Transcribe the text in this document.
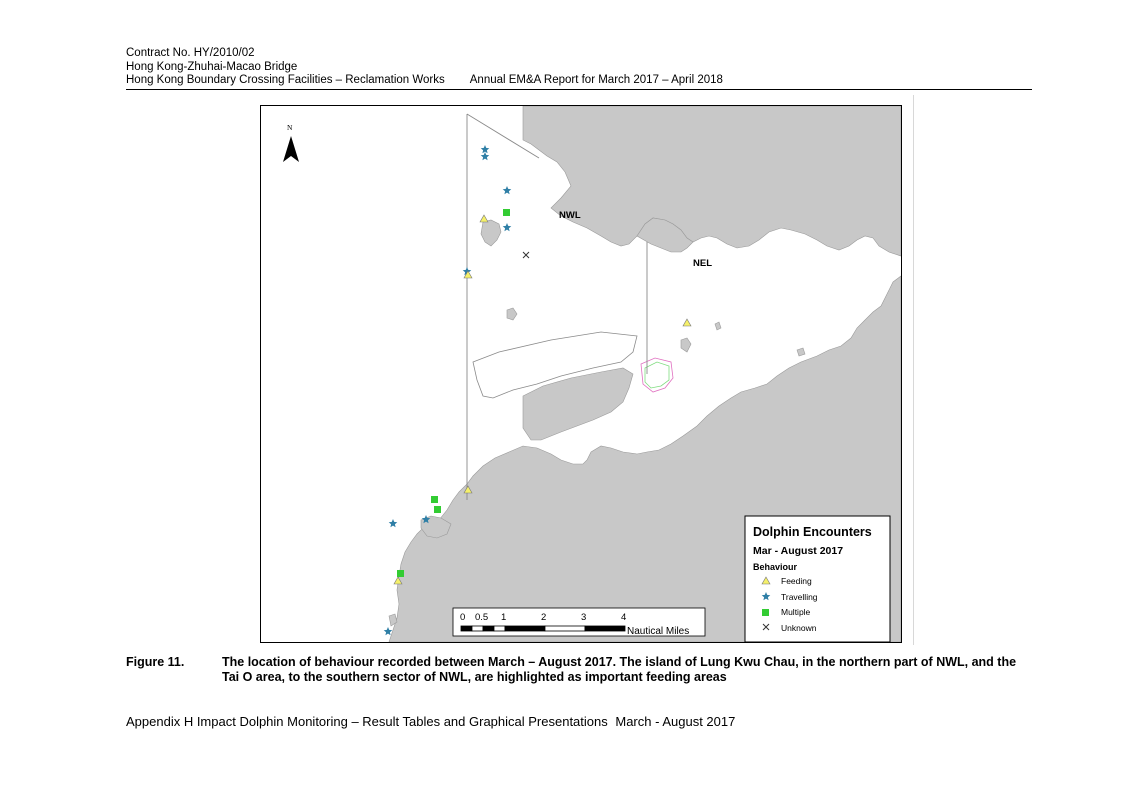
Contract No. HY/2010/02
Hong Kong-Zhuhai-Macao Bridge
Hong Kong Boundary Crossing Facilities – Reclamation Works Annual EM&A Report for March 2017 – April 2018
NWL
NEL
N
0 0.5 1	2	3	4
Nautical Miles
Dolphin Encounters
Mar - August 2017
Behaviour
Feeding
Travelling
Multiple
Unknown
Figure 11.	The location of behaviour recorded between March – August 2017. The island of Lung Kwu Chau, in the northern part of NWL, and the Tai O area, to the southern sector of NWL, are highlighted as important feeding areas
Appendix H Impact Dolphin Monitoring – Result Tables and Graphical Presentations March - August 2017
